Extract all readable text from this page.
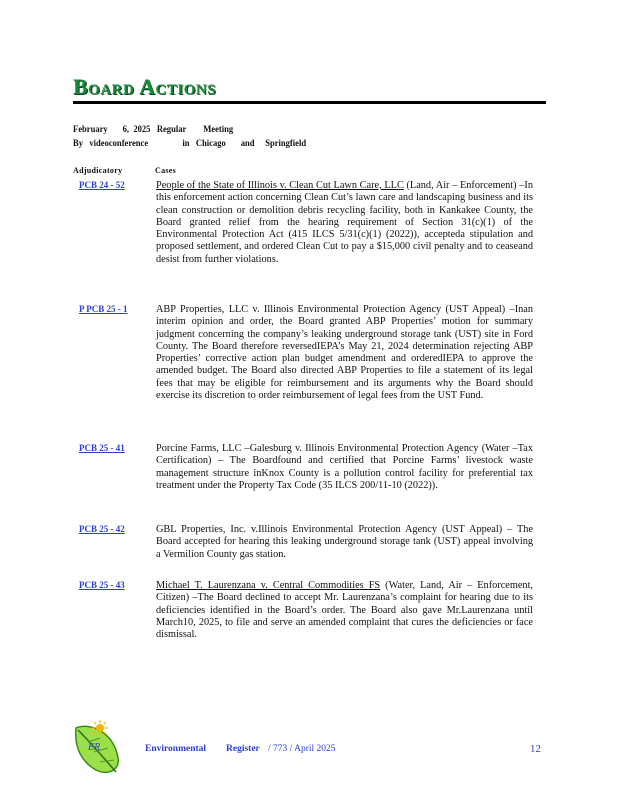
Board Actions
February       6,  2025   Regular        Meeting
By   videoconference                in   Chicago       and     Springfield
Adjudicatory	Cases
PCB 24 - 52	People of the State of Illinois v. Clean Cut Lawn Care, LLC (Land, Air – Enforcement) –In this enforcement action concerning Clean Cut’s lawn care and landscaping business and its clean construction or demolition debris recycling facility, both in Kankakee County, the Board granted relief from the hearing requirement of Section 31(c)(1) of the Environmental Protection Act (415 ILCS 5/31(c)(1) (2022)), accepteda stipulation and proposed settlement, and ordered Clean Cut to pay a $15,000 civil penalty and to ceaseand desist from further violations.
P PCB 25 - 1	ABP Properties, LLC v. Illinois Environmental Protection Agency (UST Appeal) –Inan interim opinion and order, the Board granted ABP Properties’ motion for summary judgment concerning the company’s leaking underground storage tank (UST) site in Ford County. The Board therefore reversedIEPA’s May 21, 2024 determination rejecting ABP Properties’ corrective action plan budget amendment and orderedIEPA to approve the amended budget. The Board also directed ABP Properties to file a statement of its legal fees that may be eligible for reimbursement and its arguments why the Board should exercise its discretion to order reimbursement of legal fees from the UST Fund.
PCB 25 - 41	Porcine Farms, LLC –Galesburg v. Illinois Environmental Protection Agency (Water –Tax Certification) – The Boardfound and certified that Porcine Farms’ livestock waste management structure inKnox County is a pollution control facility for preferential tax treatment under the Property Tax Code (35 ILCS 200/11-10 (2022)).
PCB 25 - 42	GBL Properties, Inc. v.Illinois Environmental Protection Agency (UST Appeal) – The Board accepted for hearing this leaking underground storage tank (UST) appeal involving a Vermilion County gas station.
PCB 25 - 43	Michael T. Laurenzana v. Central Commodities FS (Water, Land, Air – Enforcement, Citizen) –The Board declined to accept Mr. Laurenzana’s complaint for hearing due to its deficiencies identified in the Board’s order. The Board also gave Mr.Laurenzana until March10, 2025, to file and serve an amended complaint that cures the deficiencies or face dismissal.
ER	Environmental Register / 773 / April 2025	12
